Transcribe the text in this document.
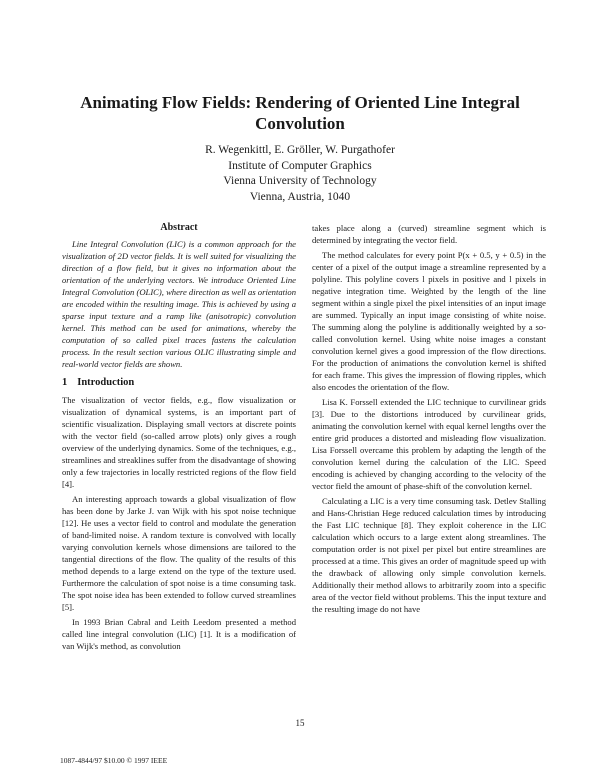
Animating Flow Fields: Rendering of Oriented Line Integral Convolution
R. Wegenkittl, E. Gröller, W. Purgathofer
Institute of Computer Graphics
Vienna University of Technology
Vienna, Austria, 1040
Abstract

Line Integral Convolution (LIC) is a common approach for the visualization of 2D vector fields. It is well suited for visualizing the direction of a flow field, but it gives no information about the orientation of the underlying vectors. We introduce Oriented Line Integral Convolution (OLIC), where direction as well as orientation are encoded within the resulting image. This is achieved by using a sparse input texture and a ramp like (anisotropic) convolution kernel. This method can be used for animations, whereby the computation of so called pixel traces fastens the calculation process. In the result section various OLIC illustrating simple and real-world vector fields are shown.

1 Introduction

The visualization of vector fields, e.g., flow visualization or visualization of dynamical systems, is an important part of scientific visualization. Displaying small vectors at discrete points with the vector field (so-called arrow plots) only gives a rough overview of the underlying dynamics. Some of the techniques, e.g., streamlines and streaklines suffer from the disadvantage of showing only a few trajectories in locally restricted regions of the flow field [4].

An interesting approach towards a global visualization of flow has been done by Jarke J. van Wijk with his spot noise technique [12]. He uses a vector field to control and modulate the generation of band-limited noise. A random texture is convolved with locally varying convolution kernels whose dimensions are tailored to the tangential directions of the flow. The quality of the results of this method depends to a large extend on the type of the texture used. Furthermore the calculation of spot noise is a time consuming task. The spot noise idea has been extended to follow curved streamlines [5].

In 1993 Brian Cabral and Leith Leedom presented a method called line integral convolution (LIC) [1]. It is a modification of van Wijk's method, as convolution

takes place along a (curved) streamline segment which is determined by integrating the vector field.

The method calculates for every point P(x + 0.5, y + 0.5) in the center of a pixel of the output image a streamline represented by a polyline. This polyline covers l pixels in positive and l pixels in negative integration time. Weighted by the length of the line segment within a single pixel the pixel intensities of an input image are summed. Typically an input image consisting of white noise. The summing along the polyline is additionally weighted by a so-called convolution kernel. Using white noise images a constant convolution kernel gives a good impression of the flow directions. For the production of animations the convolution kernel is shifted for each frame. This gives the impression of flowing ripples, which also encodes the orientation of the flow.

Lisa K. Forssell extended the LIC technique to curvilinear grids [3]. Due to the distortions introduced by curvilinear grids, animating the convolution kernel with equal kernel lengths over the entire grid produces a distorted and misleading flow visualization. Lisa Forssell overcame this problem by adapting the length of the convolution kernel during the calculation of the LIC. Speed encoding is achieved by changing according to the velocity of the vector field the amount of phase-shift of the convolution kernel.

Calculating a LIC is a very time consuming task. Detlev Stalling and Hans-Christian Hege reduced calculation times by introducing the Fast LIC technique [8]. They exploit coherence in the LIC calculation which occurs to a large extent along streamlines. The computation order is not pixel per pixel but entire streamlines are processed at a time. This gives an order of magnitude speed up with the drawback of allowing only simple convolution kernels. Additionally their method allows to arbitrarily zoom into a specific area of the vector field without problems. This the input texture and the resulting image do not have

15
1087-4844/97 $10.00 © 1997 IEEE
